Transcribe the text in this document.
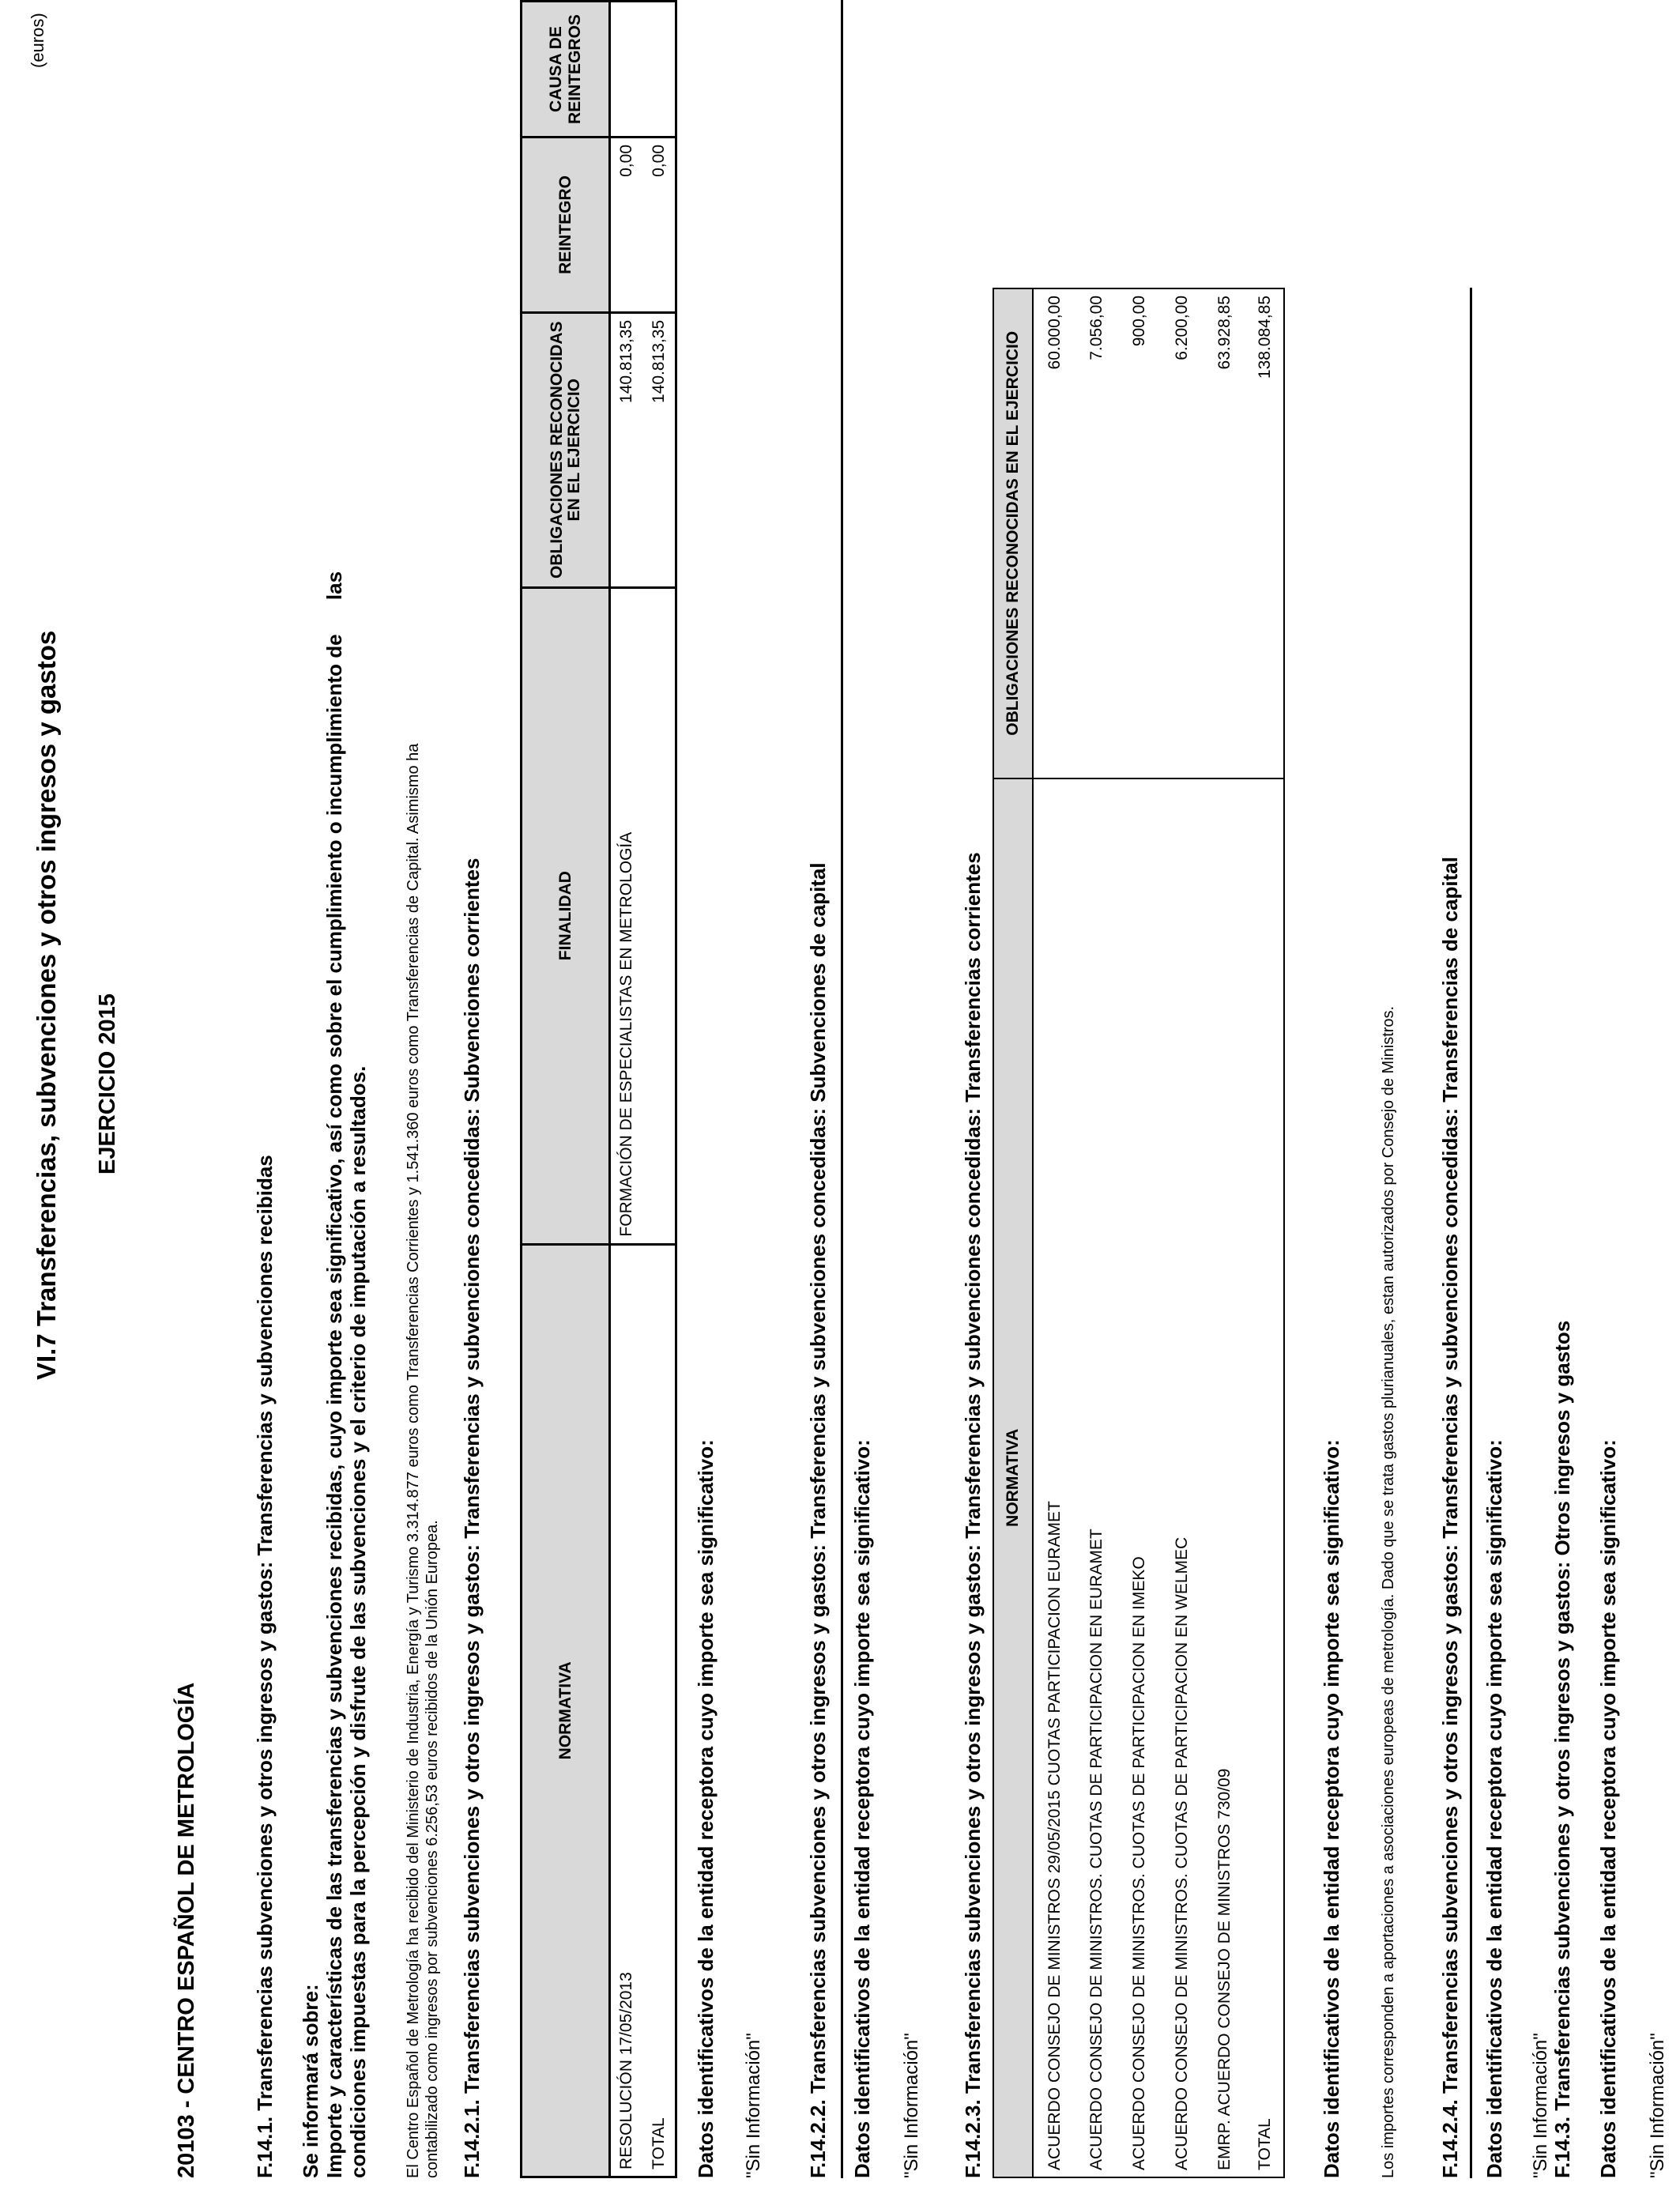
VI.7 Transferencias, subvenciones y otros ingresos y gastos EJERCICIO 2015
(euros)
20103 - CENTRO ESPAÑOL DE METROLOGÍA	F.14.1. Transferencias subvenciones y otros ingresos y gastos: Transferencias y subvenciones recibidas Se informará sobre: Importe y características de las transferencias y subvenciones recibidas, cuyo importe sea significativo, así como sobre el cumplimiento o incumplimiento de      las condiciones impuestas para la percepción y disfrute de las subvenciones y el criterio de imputación a resultados. El Centro Español de Metrología ha recibido del Ministerio de Industria, Energía y Turismo 3.314.877 euros como Transferencias Corrientes y 1.541.360 euros como Transferencias de Capital. Asimismo ha contabilizado como ingresos por subvenciones 6.256,53 euros recibidos de la Unión Europea. F.14.2.1. Transferencias subvenciones y otros ingresos y gastos: Transferencias y subvenciones concedidas: Subvenciones corrientes	NORMATIVA	FINALIDAD	OBLIGACIONES RECONOCIDAS EN EL EJERCICIO	REINTEGRO	CAUSA DE REINTEGROS
RESOLUCIÓN 17/05/2013	FORMACIÓN DE ESPECIALISTAS EN METROLOGÍA	140.813,35	0,00	
TOTAL		140.813,35	0,00	
Datos identificativos de la entidad receptora cuyo importe sea significativo: "Sin Información" F.14.2.2. Transferencias subvenciones y otros ingresos y gastos: Transferencias y subvenciones concedidas: Subvenciones de capital Datos identificativos de la entidad receptora cuyo importe sea significativo: "Sin Información" F.14.2.3. Transferencias subvenciones y otros ingresos y gastos: Transferencias y subvenciones concedidas: Transferencias corrientes NORMATIVA	OBLIGACIONES RECONOCIDAS EN EL EJERCICIO
ACUERDO CONSEJO DE MINISTROS 29/05/2015 CUOTAS PARTICIPACION EURAMET	60.000,00
ACUERDO CONSEJO DE MINISTROS. CUOTAS DE PARTICIPACION EN EURAMET	7.056,00
ACUERDO CONSEJO DE MINISTROS. CUOTAS DE PARTICIPACION EN IMEKO	900,00
ACUERDO CONSEJO DE MINISTROS. CUOTAS DE PARTICIPACION EN WELMEC	6.200,00
EMRP. ACUERDO CONSEJO DE MINISTROS 730/09	63.928,85
TOTAL	138.084,85
Datos identificativos de la entidad receptora cuyo importe sea significativo: Los importes corresponden a aportaciones a asociaciones europeas de metrología. Dado que se trata gastos plurianuales, estan autorizados por Consejo de Ministros. F.14.2.4. Transferencias subvenciones y otros ingresos y gastos: Transferencias y subvenciones concedidas: Transferencias de capital Datos identificativos de la entidad receptora cuyo importe sea significativo: "Sin Información" F.14.3. Transferencias subvenciones y otros ingresos y gastos: Otros ingresos y gastos Datos identificativos de la entidad receptora cuyo importe sea significativo: "Sin Información"
